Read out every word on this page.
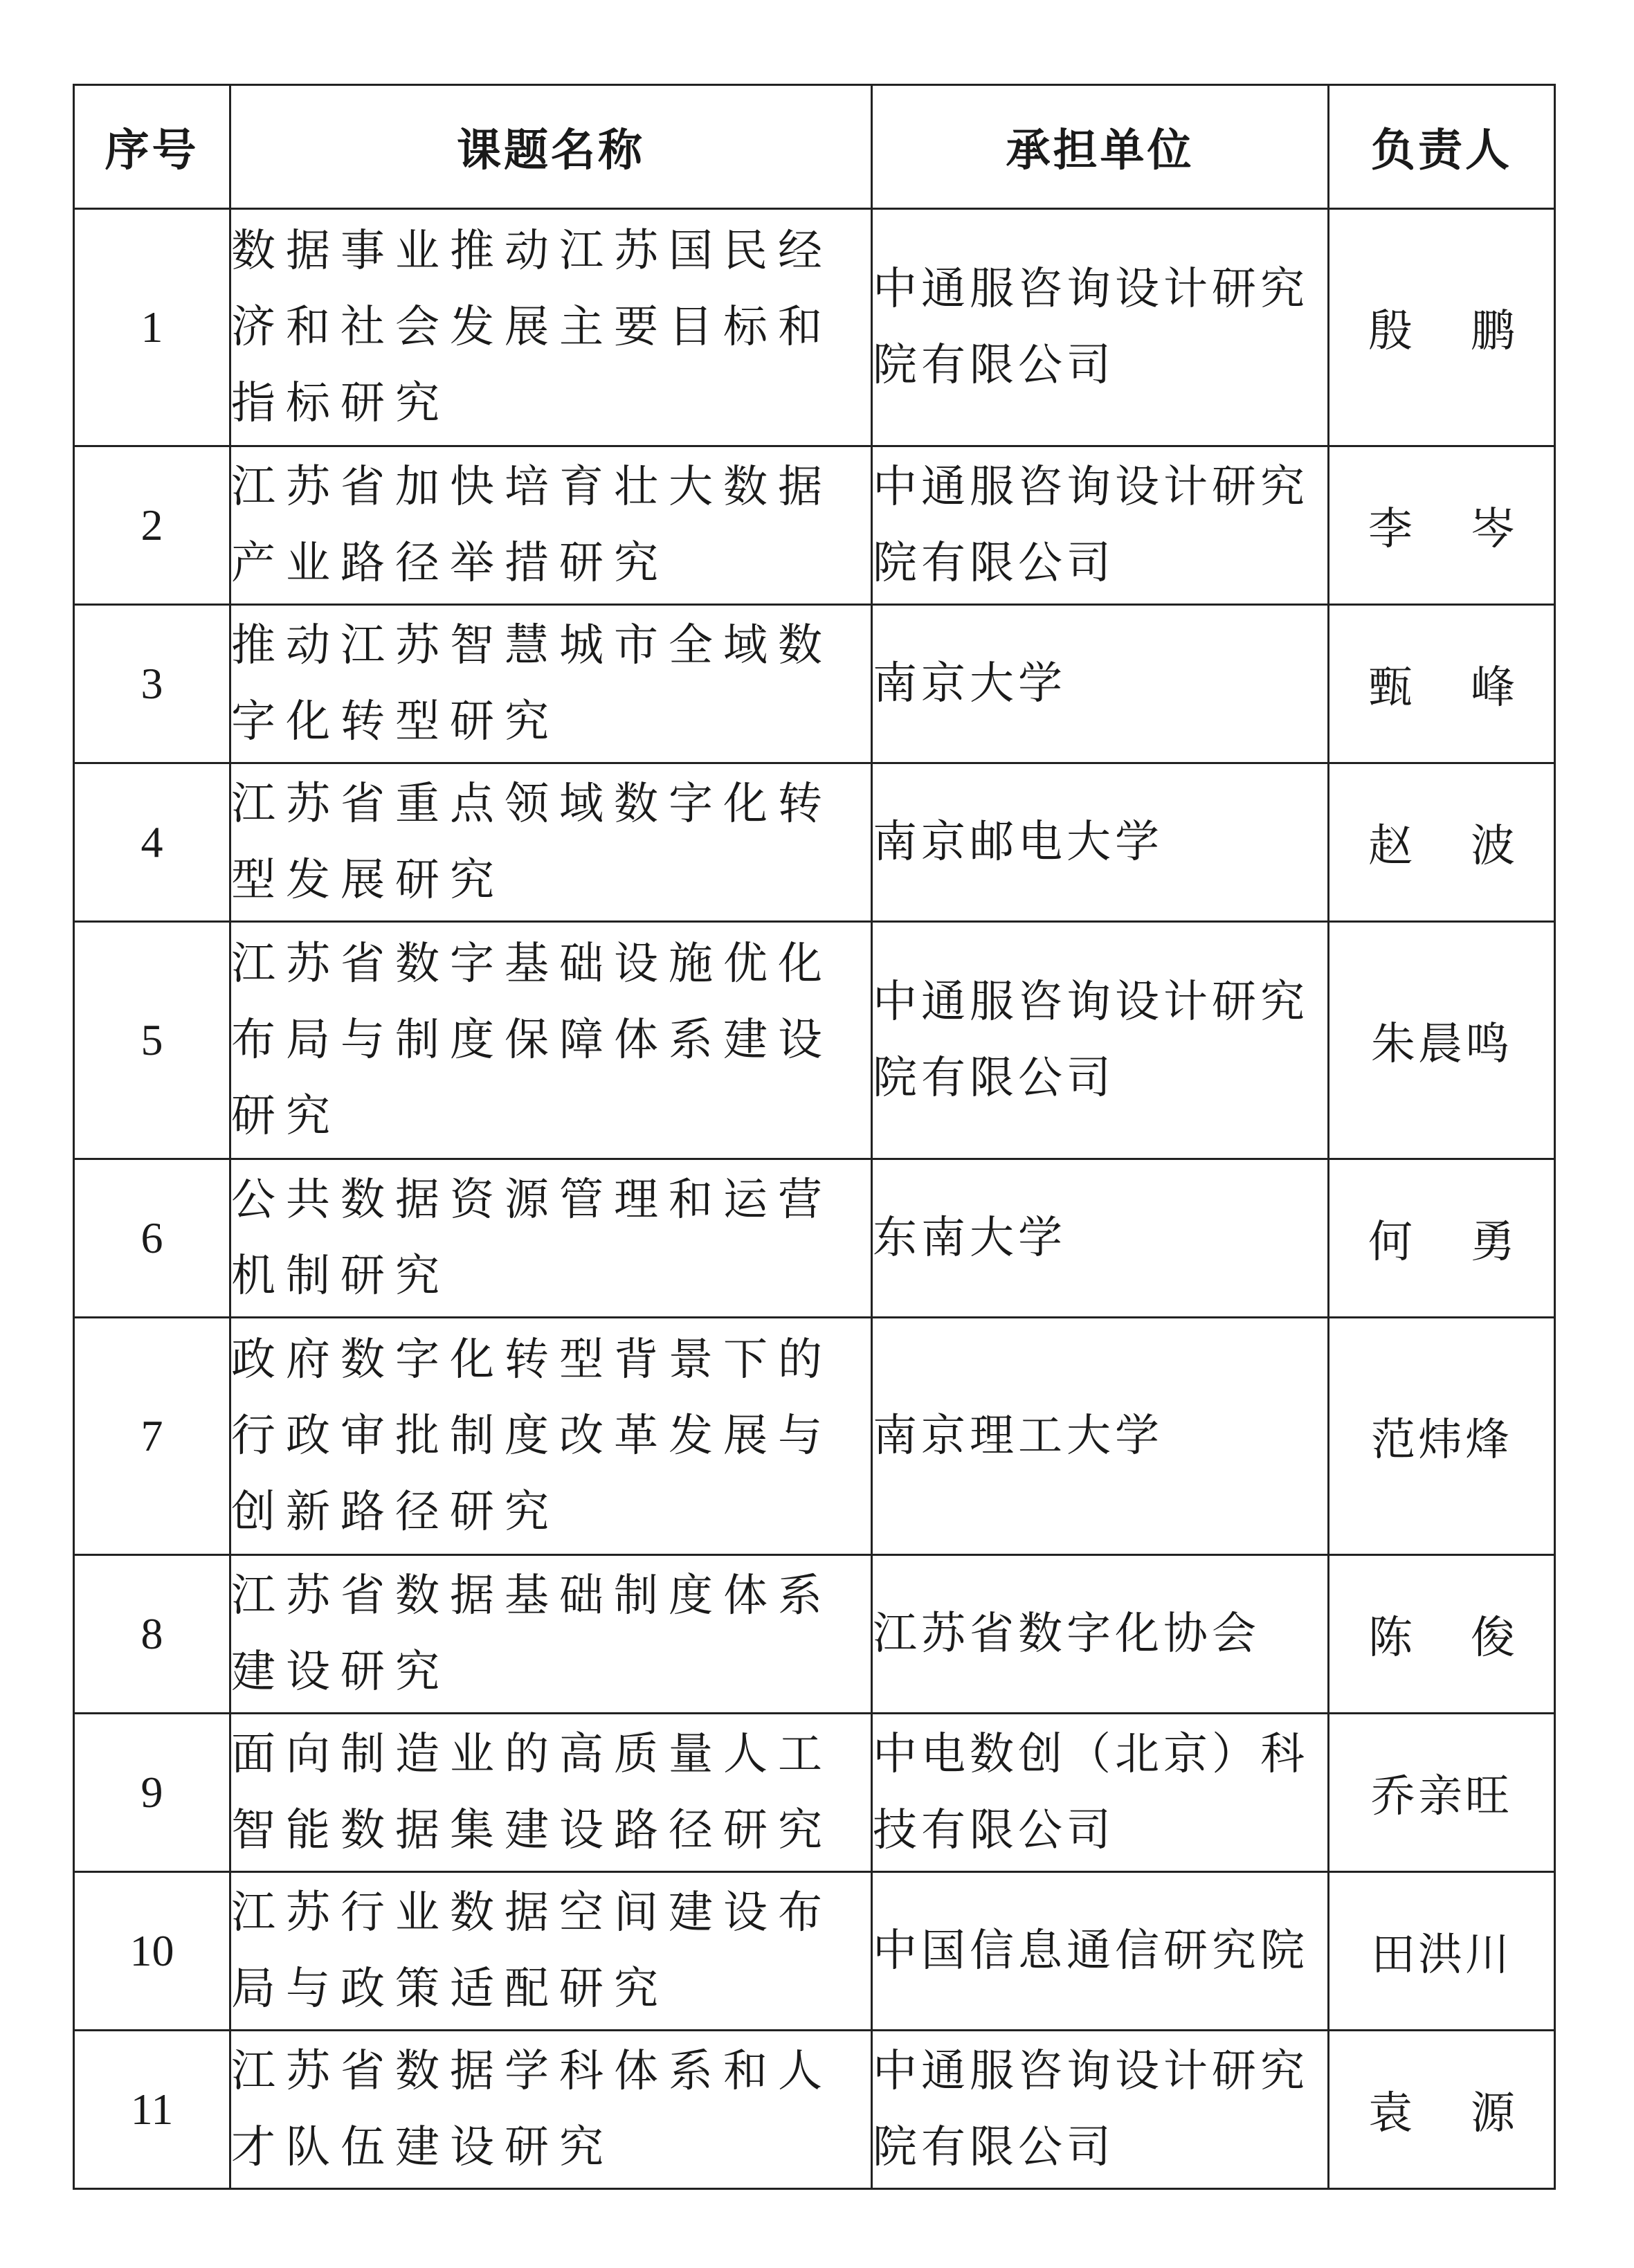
序号	课题名称	承担单位	负责人
1	数据事业推动江苏国民经济和社会发展主要目标和指标研究	中通服咨询设计研究院有限公司	殷鹏
2	江苏省加快培育壮大数据产业路径举措研究	中通服咨询设计研究院有限公司	李岑
3	推动江苏智慧城市全域数字化转型研究	南京大学	甄峰
4	江苏省重点领域数字化转型发展研究	南京邮电大学	赵波
5	江苏省数字基础设施优化布局与制度保障体系建设研究	中通服咨询设计研究院有限公司	朱晨鸣
6	公共数据资源管理和运营机制研究	东南大学	何勇
7	政府数字化转型背景下的行政审批制度改革发展与创新路径研究	南京理工大学	范炜烽
8	江苏省数据基础制度体系建设研究	江苏省数字化协会	陈俊
9	面向制造业的高质量人工智能数据集建设路径研究	中电数创（北京）科技有限公司	乔亲旺
10	江苏行业数据空间建设布局与政策适配研究	中国信息通信研究院	田洪川
11	江苏省数据学科体系和人才队伍建设研究	中通服咨询设计研究院有限公司	袁源
